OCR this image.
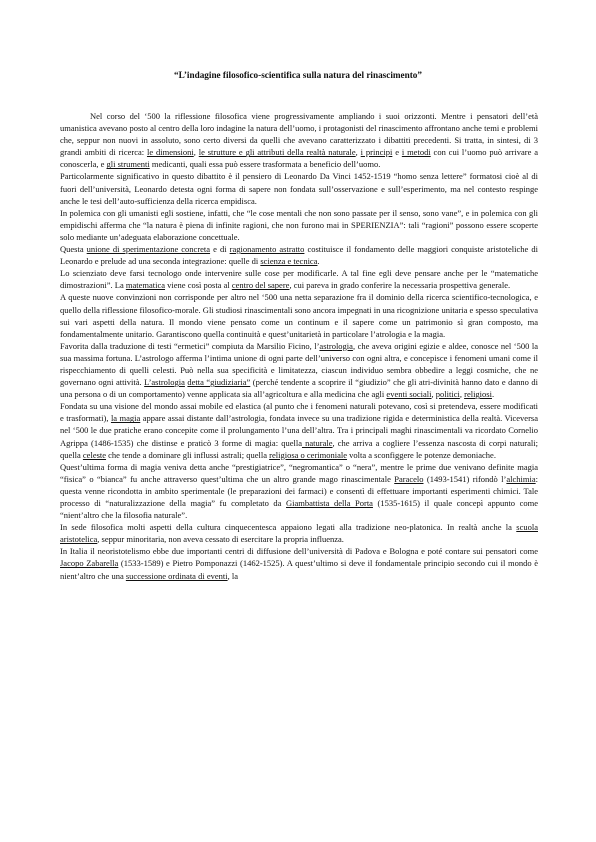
“L’indagine filosofico-scientifica sulla natura del rinascimento”

Nel corso del ‘500 la riflessione filosofica viene progressivamente ampliando i suoi orizzonti. Mentre i pensatori dell’età umanistica avevano posto al centro della loro indagine la natura dell’uomo, i protagonisti del rinascimento affrontano anche temi e problemi che, seppur non nuovi in assoluto, sono certo diversi da quelli che avevano caratterizzato i dibattiti precedenti. Si tratta, in sintesi, di 3 grandi ambiti di ricerca: le dimensioni, le strutture e gli attributi della realtà naturale, i principi e i metodi con cui l’uomo può arrivare a conoscerla, e gli strumenti medicanti, quali essa può essere trasformata a beneficio dell’uomo.

Particolarmente significativo in questo dibattito è il pensiero di Leonardo Da Vinci 1452-1519 “homo senza lettere” formatosi cioè al di fuori dell’università, Leonardo detesta ogni forma di sapere non fondata sull’osservazione e sull’esperimento, ma nel contesto respinge anche le tesi dell’auto-sufficienza della ricerca empidisca.

In polemica con gli umanisti egli sostiene, infatti, che “le cose mentali che non sono passate per il senso, sono vane”, e in polemica con gli empidischi afferma che “la natura è piena di infinite ragioni, che non furono mai in SPERIENZIA”: tali “ragioni” possono essere scoperte solo mediante un’adeguata elaborazione concettuale.

Questa unione di sperimentazione concreta e di ragionamento astratto costituisce il fondamento delle maggiori conquiste aristoteliche di Leonardo e prelude ad una seconda integrazione: quelle di scienza e tecnica.

Lo scienziato deve farsi tecnologo onde intervenire sulle cose per modificarle. A tal fine egli deve pensare anche per le “matematiche dimostrazioni”. La matematica viene così posta al centro del sapere, cui pareva in grado conferire la necessaria prospettiva generale.

A queste nuove convinzioni non corrisponde per altro nel ‘500 una netta separazione fra il dominio della ricerca scientifico-tecnologica, e quello della riflessione filosofico-morale. Gli studiosi rinascimentali sono ancora impegnati in una ricognizione unitaria e spesso speculativa sui vari aspetti della natura. Il mondo viene pensato come un continum e il sapere come un patrimonio sì gran composto, ma fondamentalmente unitario. Garantiscono quella continuità e quest’unitarietà in particolare l’atrologia e la magia.

Favorita dalla traduzione di testi “ermetici” compiuta da Marsilio Ficino, l’astrologia, che aveva origini egizie e aldee, conosce nel ‘500 la sua massima fortuna. L’astrologo afferma l’intima unione di ogni parte dell’universo con ogni altra, e concepisce i fenomeni umani come il rispecchiamento di quelli celesti. Può nella sua specificità e limitatezza, ciascun individuo sembra obbedire a leggi cosmiche, che ne governano ogni attività. L’astrologia detta “giudiziaria” (perché tendente a scoprire il “giudizio” che gli atri-divinità hanno dato e danno di una persona o di un comportamento) venne applicata sia all’agricoltura e alla medicina che agli eventi sociali, politici, religiosi.

Fondata su una visione del mondo assai mobile ed elastica (al punto che i fenomeni naturali potevano, così si pretendeva, essere modificati e trasformati), la magia appare assai distante dall’astrologia, fondata invece su una tradizione rigida e deterministica della realtà. Viceversa nel ‘500 le due pratiche erano concepite come il prolungamento l’una dell’altra. Tra i principali maghi rinascimentali va ricordato Cornelio Agrippa (1486-1535) che distinse e praticò 3 forme di magia: quella naturale, che arriva a cogliere l’essenza nascosta di corpi naturali; quella celeste che tende a dominare gli influssi astrali; quella religiosa o cerimoniale volta a sconfiggere le potenze demoniache.

Quest’ultima forma di magia veniva detta anche “prestigiatrice”, “negromantica” o “nera”, mentre le prime due venivano definite magia “fisica” o “bianca” fu anche attraverso quest’ultima che un altro grande mago rinascimentale Paracelo (1493-1541) rifondò l’alchimia: questa venne ricondotta in ambito sperimentale (le preparazioni dei farmaci) e consentì di effettuare importanti esperimenti chimici. Tale processo di “naturalizzazione della magia” fu completato da Giambattista della Porta (1535-1615) il quale concepì appunto come “nient’altro che la filosofia naturale”.

In sede filosofica molti aspetti della cultura cinquecentesca appaiono legati alla tradizione neo-platonica. In realtà anche la scuola aristotelica, seppur minoritaria, non aveva cessato di esercitare la propria influenza.

In Italia il neoristotelismo ebbe due importanti centri di diffusione dell’università di Padova e Bologna e poté contare sui pensatori come Jacopo Zabarella (1533-1589) e Pietro Pomponazzi (1462-1525). A quest’ultimo si deve il fondamentale principio secondo cui il mondo è nient’altro che una successione ordinata di eventi, la
